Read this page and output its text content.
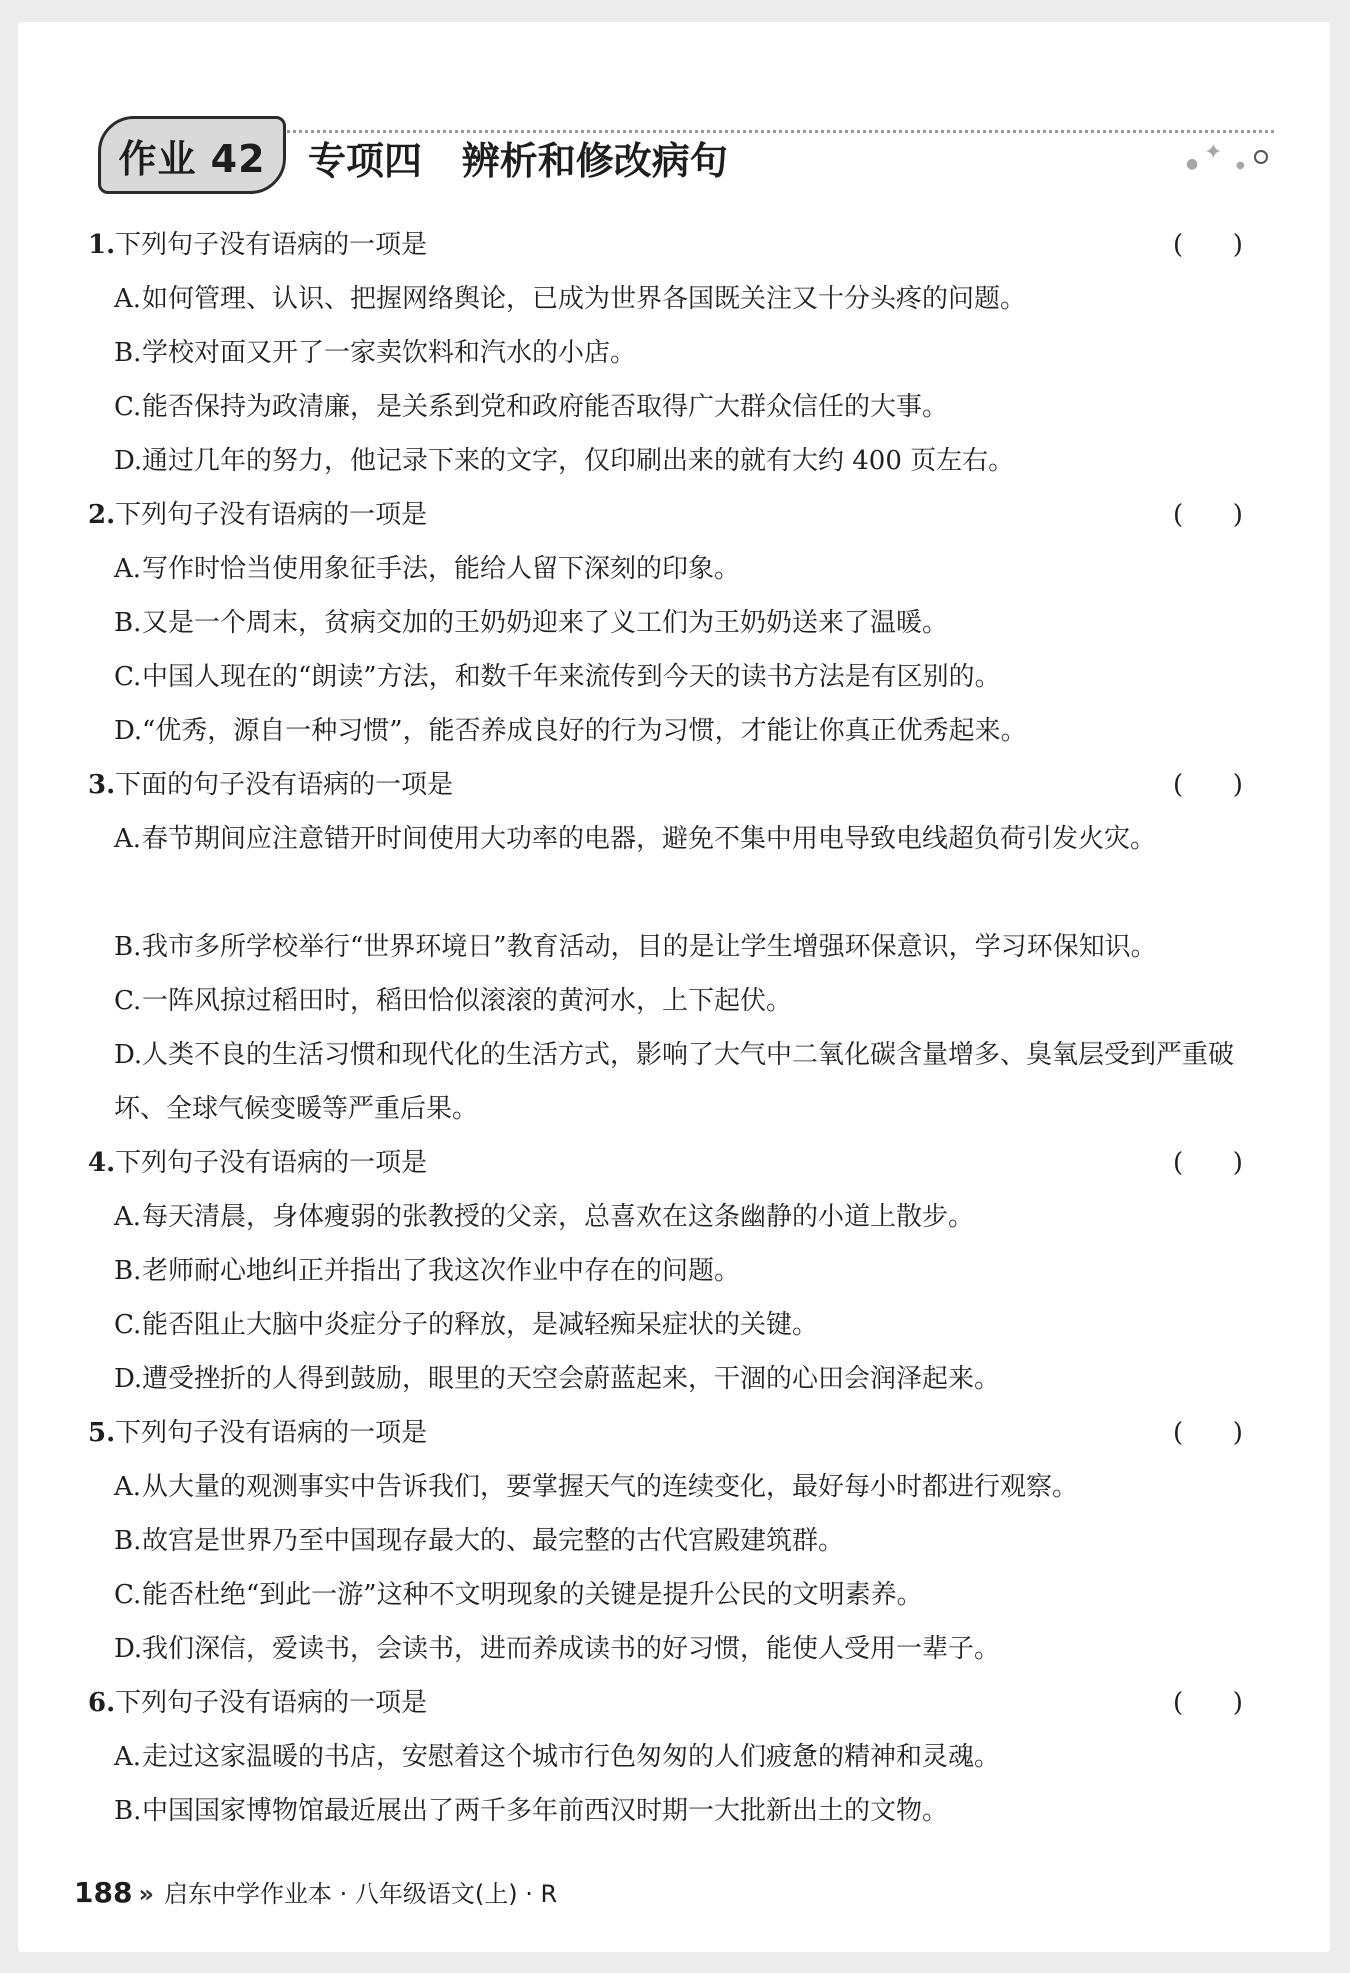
✦
●	●
作业 42	专项四   辨析和修改病句
1.下列句子没有语病的一项是	(      )
A.如何管理、认识、把握网络舆论，已成为世界各国既关注又十分头疼的问题。
B.学校对面又开了一家卖饮料和汽水的小店。
C.能否保持为政清廉，是关系到党和政府能否取得广大群众信任的大事。
D.通过几年的努力，他记录下来的文字，仅印刷出来的就有大约 400 页左右。
2.下列句子没有语病的一项是	(      )
A.写作时恰当使用象征手法，能给人留下深刻的印象。
B.又是一个周末，贫病交加的王奶奶迎来了义工们为王奶奶送来了温暖。
C.中国人现在的“朗读”方法，和数千年来流传到今天的读书方法是有区别的。
D.“优秀，源自一种习惯”，能否养成良好的行为习惯，才能让你真正优秀起来。
3.下面的句子没有语病的一项是	(      )
A.春节期间应注意错开时间使用大功率的电器，避免不集中用电导致电线超负荷引发火灾。
B.我市多所学校举行“世界环境日”教育活动，目的是让学生增强环保意识，学习环保知识。
C.一阵风掠过稻田时，稻田恰似滚滚的黄河水，上下起伏。
D.人类不良的生活习惯和现代化的生活方式，影响了大气中二氧化碳含量增多、臭氧层受到严重破坏、全球气候变暖等严重后果。
4.下列句子没有语病的一项是	(      )
A.每天清晨，身体瘦弱的张教授的父亲，总喜欢在这条幽静的小道上散步。
B.老师耐心地纠正并指出了我这次作业中存在的问题。
C.能否阻止大脑中炎症分子的释放，是减轻痴呆症状的关键。
D.遭受挫折的人得到鼓励，眼里的天空会蔚蓝起来，干涸的心田会润泽起来。
5.下列句子没有语病的一项是	(      )
A.从大量的观测事实中告诉我们，要掌握天气的连续变化，最好每小时都进行观察。
B.故宫是世界乃至中国现存最大的、最完整的古代宫殿建筑群。
C.能否杜绝“到此一游”这种不文明现象的关键是提升公民的文明素养。
D.我们深信，爱读书，会读书，进而养成读书的好习惯，能使人受用一辈子。
6.下列句子没有语病的一项是	(      )
A.走过这家温暖的书店，安慰着这个城市行色匆匆的人们疲惫的精神和灵魂。
B.中国国家博物馆最近展出了两千多年前西汉时期一大批新出土的文物。
188 » 启东中学作业本 · 八年级语文(上) · R
